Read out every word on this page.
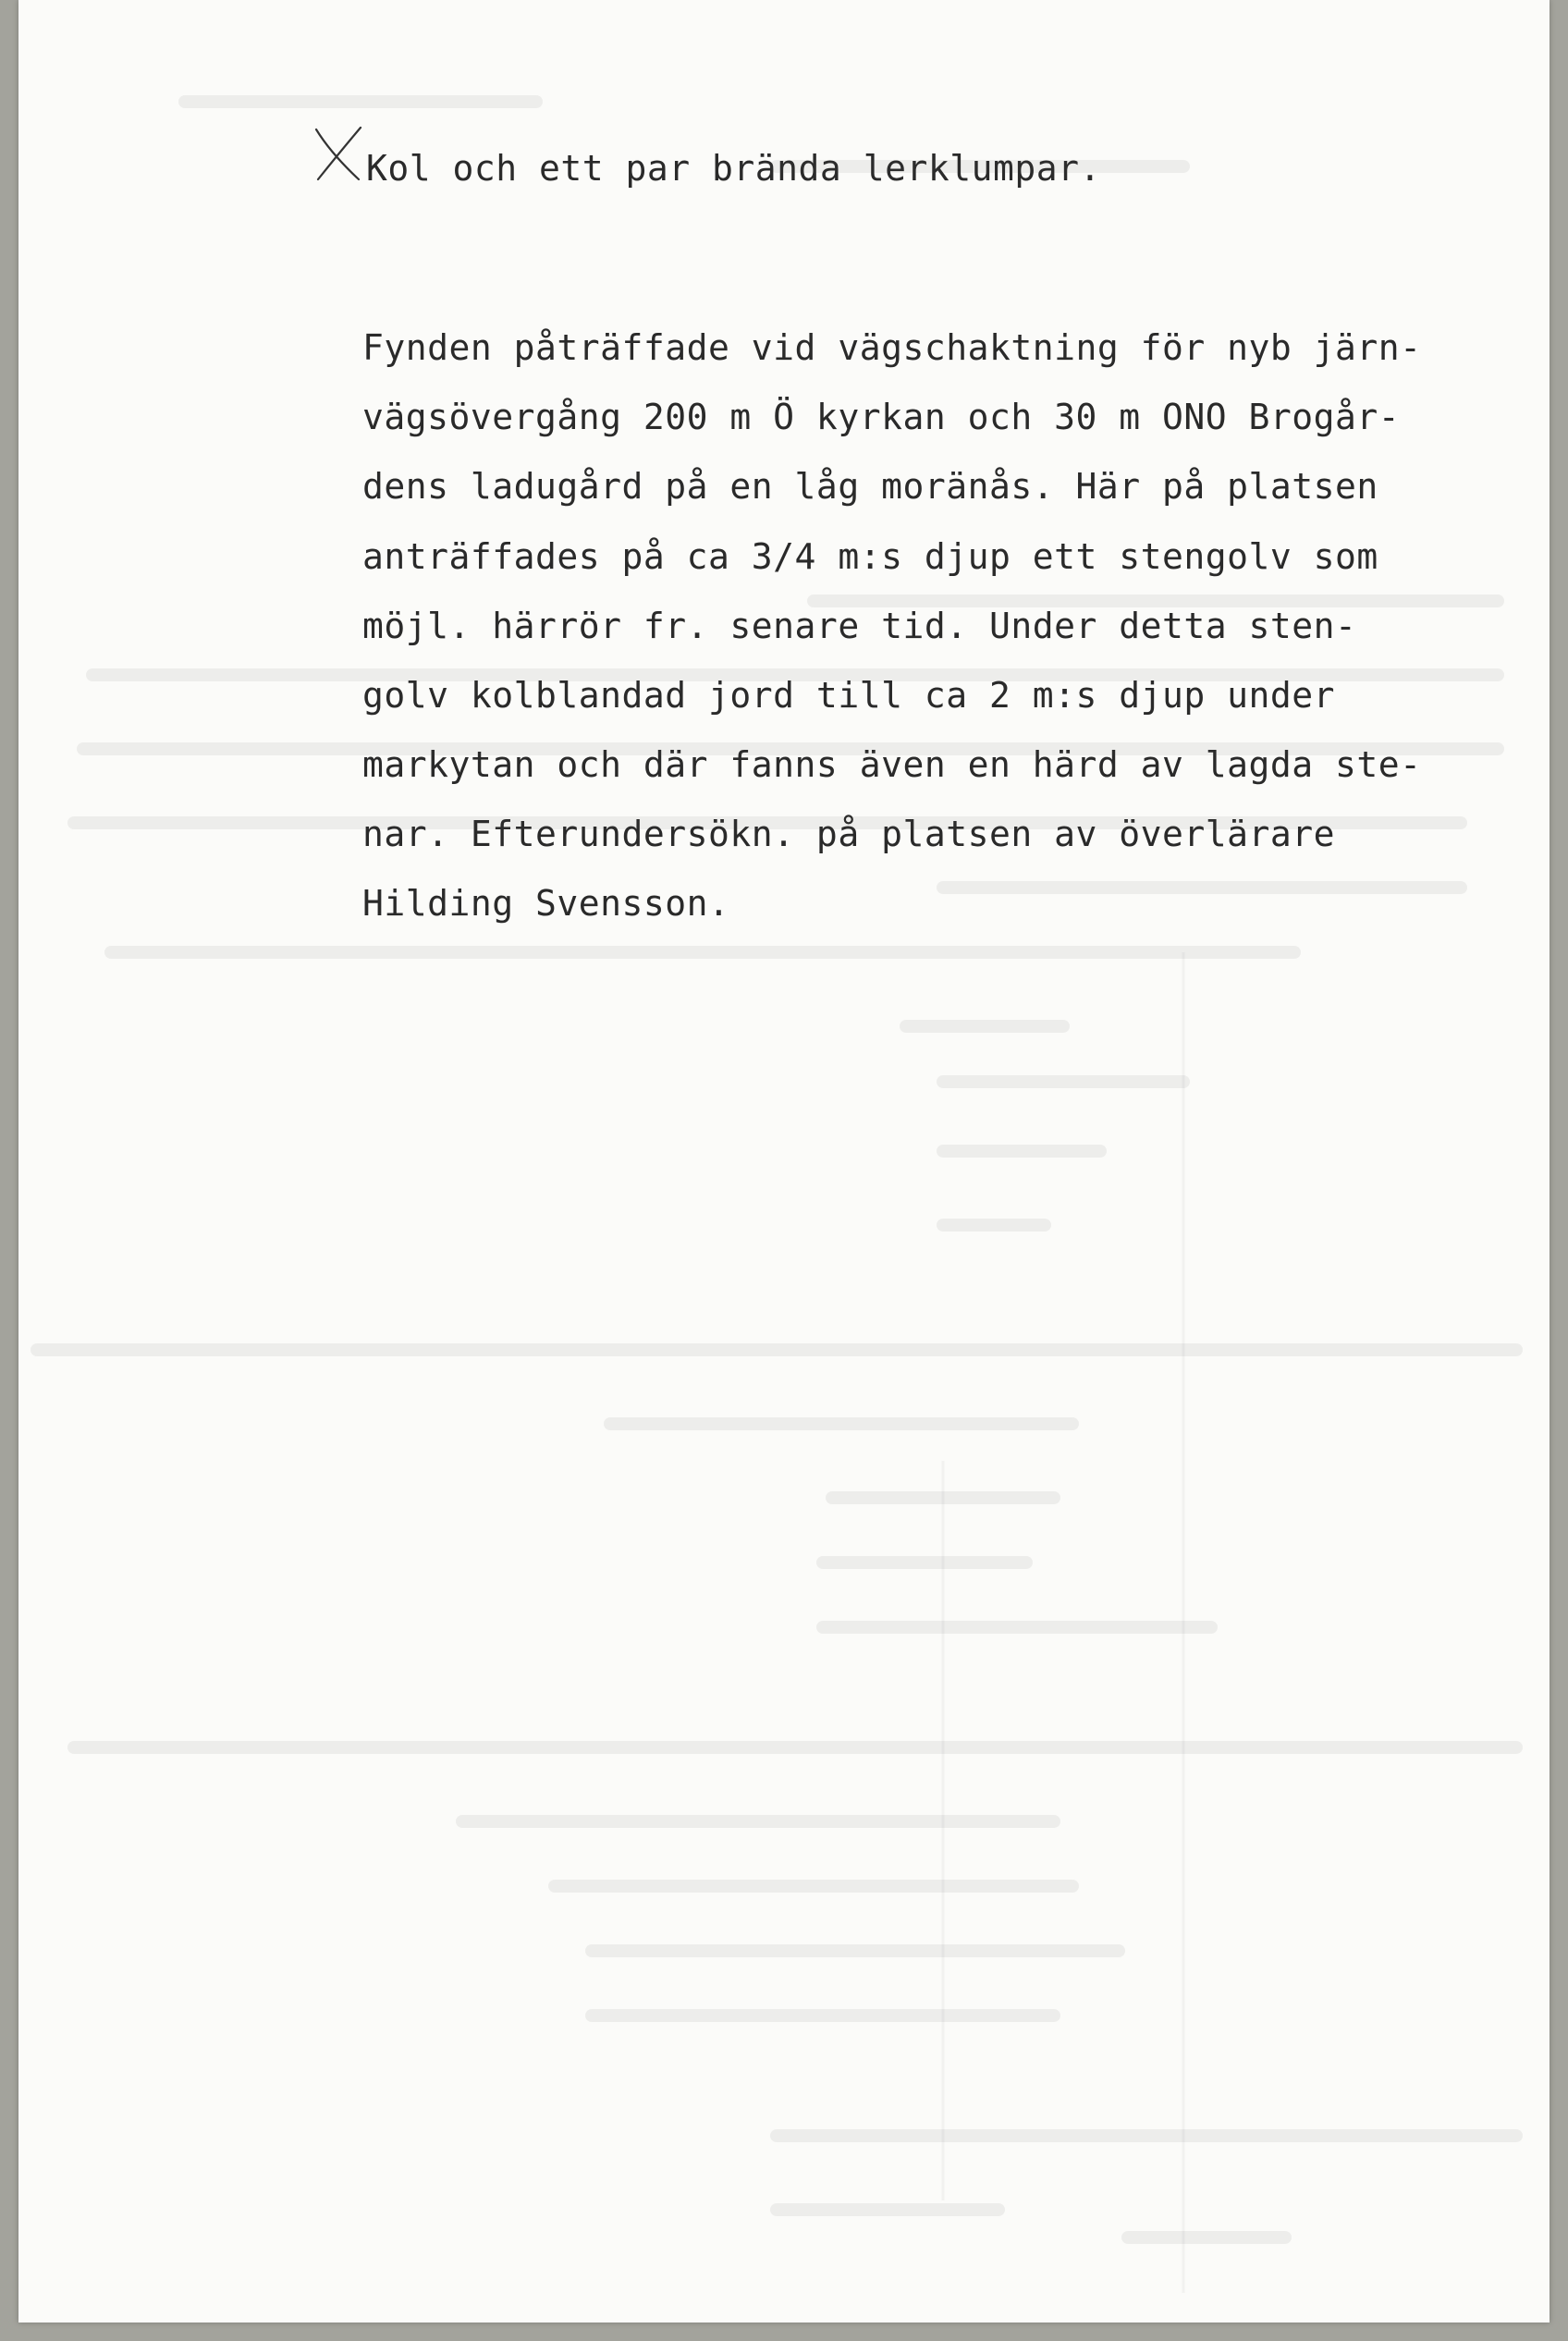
Kol och ett par brända lerklumpar.
Fynden påträffade vid vägschaktning för nyb järn-
vägsövergång 200 m Ö kyrkan och 30 m ONO Brogår-
dens ladugård på en låg moränås. Här på platsen
anträffades på ca 3/4 m:s djup ett stengolv som
möjl. härrör fr. senare tid. Under detta sten-
golv kolblandad jord till ca 2 m:s djup under
markytan och där fanns även en härd av lagda ste-
nar. Efterundersökn. på platsen av överlärare
Hilding Svensson.
